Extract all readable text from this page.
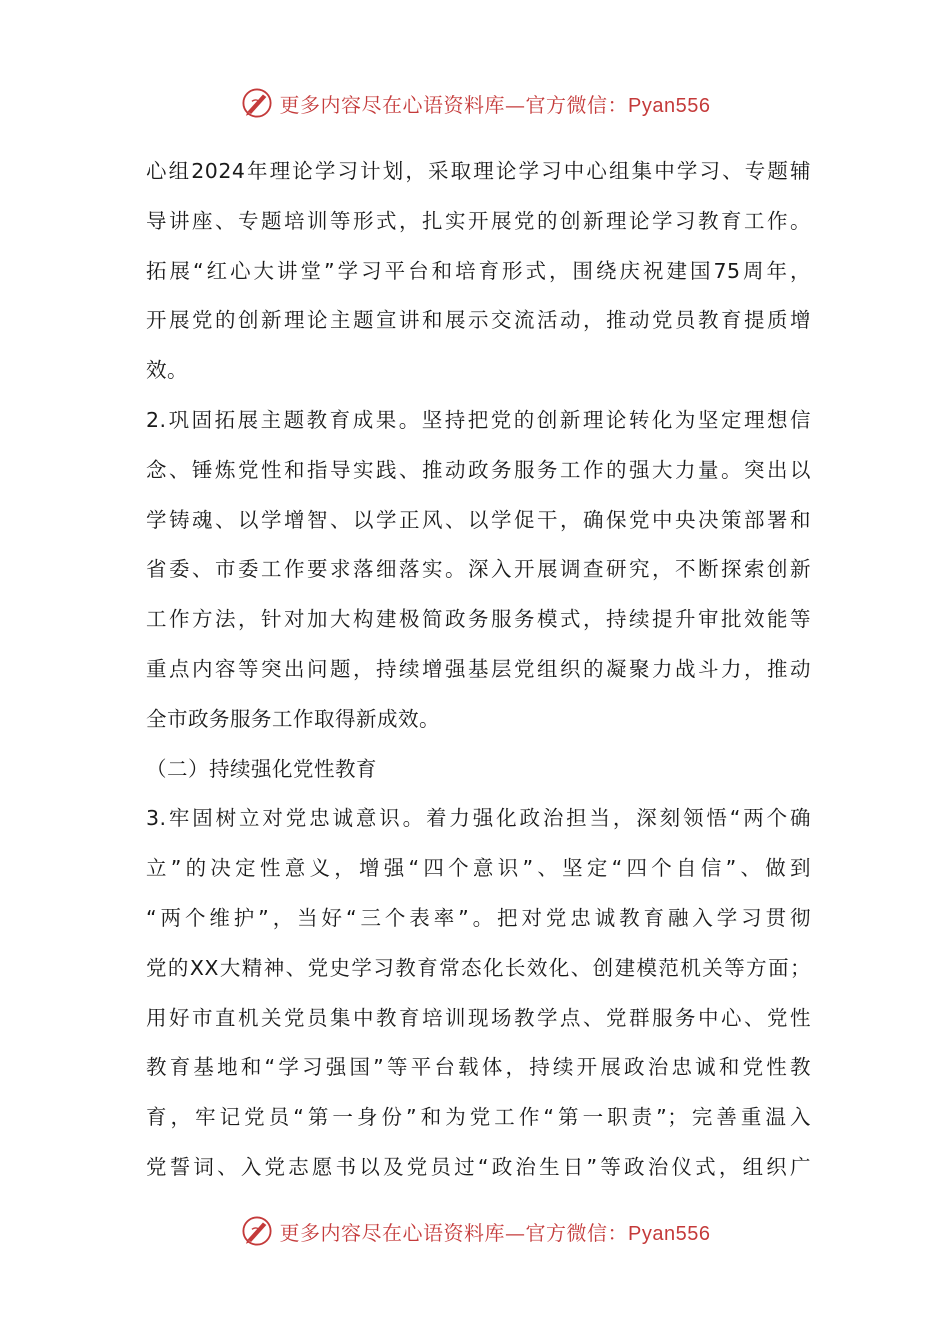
更多内容尽在心语资料库—官方微信：Pyan556
心组2024年理论学习计划，采取理论学习中心组集中学习、专题辅
导讲座、专题培训等形式，扎实开展党的创新理论学习教育工作。
拓展“红心大讲堂”学习平台和培育形式，围绕庆祝建国75周年，
开展党的创新理论主题宣讲和展示交流活动，推动党员教育提质增
效。
2.巩固拓展主题教育成果。坚持把党的创新理论转化为坚定理想信
念、锤炼党性和指导实践、推动政务服务工作的强大力量。突出以
学铸魂、以学增智、以学正风、以学促干，确保党中央决策部署和
省委、市委工作要求落细落实。深入开展调查研究，不断探索创新
工作方法，针对加大构建极简政务服务模式，持续提升审批效能等
重点内容等突出问题，持续增强基层党组织的凝聚力战斗力，推动
全市政务服务工作取得新成效。
（二）持续强化党性教育
3.牢固树立对党忠诚意识。着力强化政治担当，深刻领悟“两个确
立”的决定性意义，增强“四个意识”、坚定“四个自信”、做到
“两个维护”，当好“三个表率”。把对党忠诚教育融入学习贯彻
党的XX大精神、党史学习教育常态化长效化、创建模范机关等方面；
用好市直机关党员集中教育培训现场教学点、党群服务中心、党性
教育基地和“学习强国”等平台载体，持续开展政治忠诚和党性教
育，牢记党员“第一身份”和为党工作“第一职责”；完善重温入
党誓词、入党志愿书以及党员过“政治生日”等政治仪式，组织广
更多内容尽在心语资料库—官方微信：Pyan556
